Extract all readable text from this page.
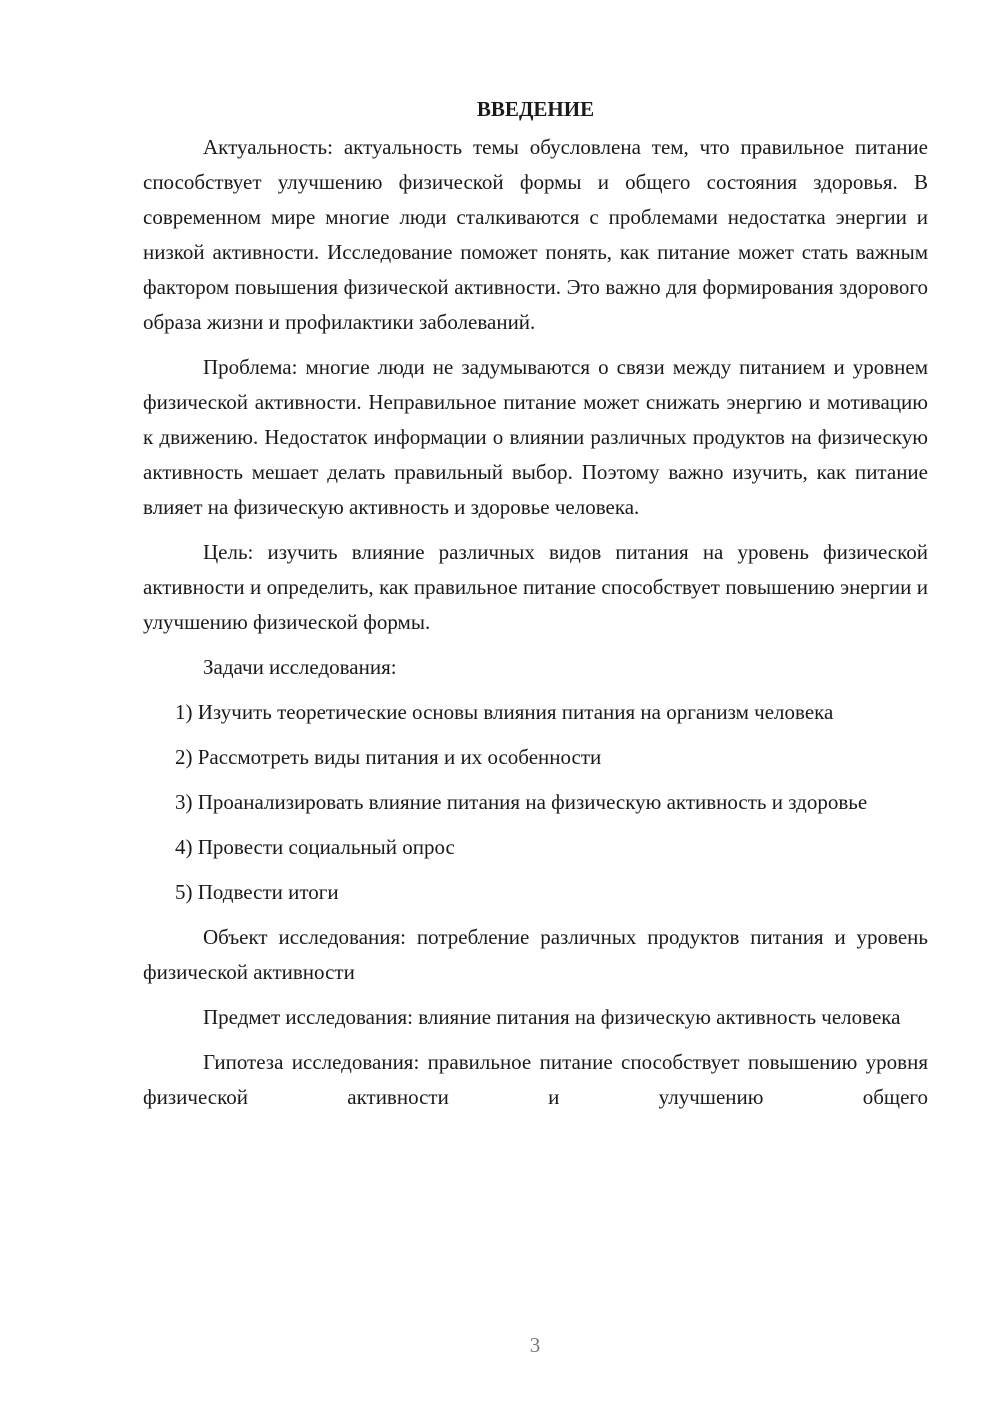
ВВЕДЕНИЕ

Актуальность: актуальность темы обусловлена тем, что правильное питание способствует улучшению физической формы и общего состояния здоровья. В современном мире многие люди сталкиваются с проблемами недостатка энергии и низкой активности. Исследование поможет понять, как питание может стать важным фактором повышения физической активности. Это важно для формирования здорового образа жизни и профилактики заболеваний.

Проблема: многие люди не задумываются о связи между питанием и уровнем физической активности. Неправильное питание может снижать энергию и мотивацию к движению. Недостаток информации о влиянии различных продуктов на физическую активность мешает делать правильный выбор. Поэтому важно изучить, как питание влияет на физическую активность и здоровье человека.

Цель: изучить влияние различных видов питания на уровень физической активности и определить, как правильное питание способствует повышению энергии и улучшению физической формы.

Задачи исследования:

1) Изучить теоретические основы влияния питания на организм человека

2) Рассмотреть виды питания и их особенности

3) Проанализировать влияние питания на физическую активность и здоровье

4) Провести социальный опрос

5) Подвести итоги

Объект исследования: потребление различных продуктов питания и уровень физической активности

Предмет исследования: влияние питания на физическую активность человека

Гипотеза исследования: правильное питание способствует повышению уровня физической активности и улучшению общего

3
